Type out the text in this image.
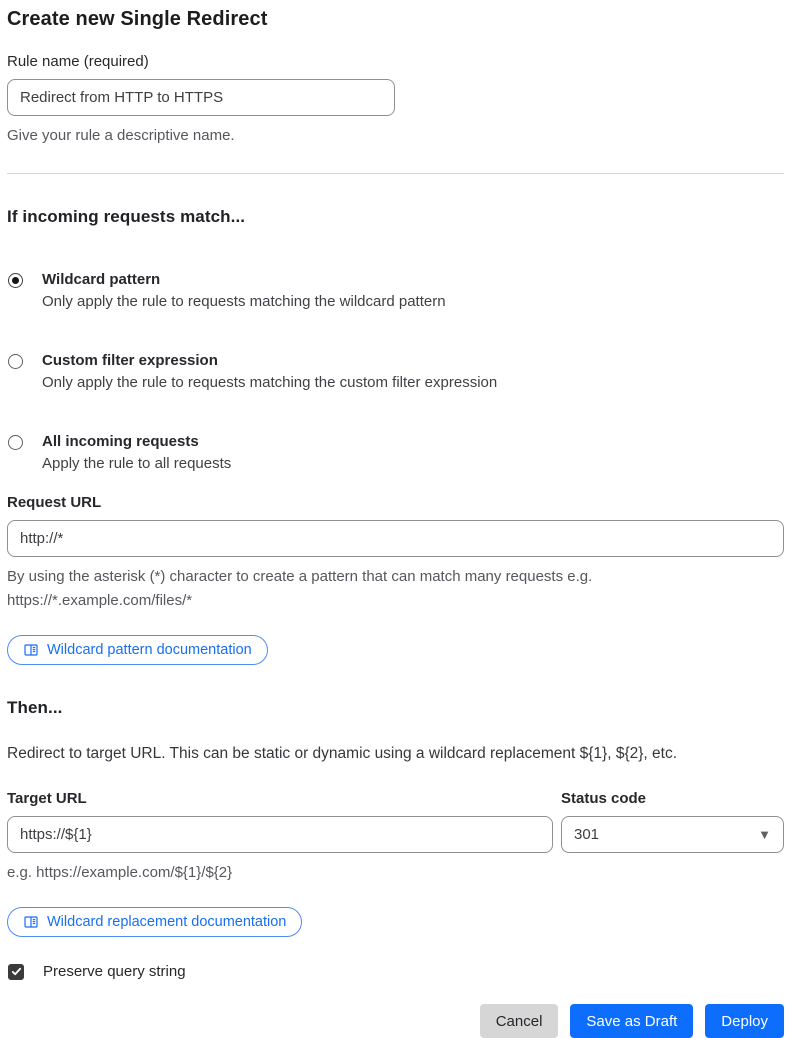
Create new Single Redirect
Rule name (required)
Redirect from HTTP to HTTPS
Give your rule a descriptive name.
If incoming requests match...
Wildcard pattern
Only apply the rule to requests matching the wildcard pattern
Custom filter expression
Only apply the rule to requests matching the custom filter expression
All incoming requests
Apply the rule to all requests
Request URL
http://*
By using the asterisk (*) character to create a pattern that can match many requests e.g. https://*.example.com/files/*
Wildcard pattern documentation
Then...

Redirect to target URL. This can be static or dynamic using a wildcard replacement ${1}, ${2}, etc.

Target URL
https://${1}
e.g. https://example.com/${1}/${2}
Status code
301	▼
Wildcard replacement documentation
Preserve query string
Cancel	Save as Draft	Deploy
